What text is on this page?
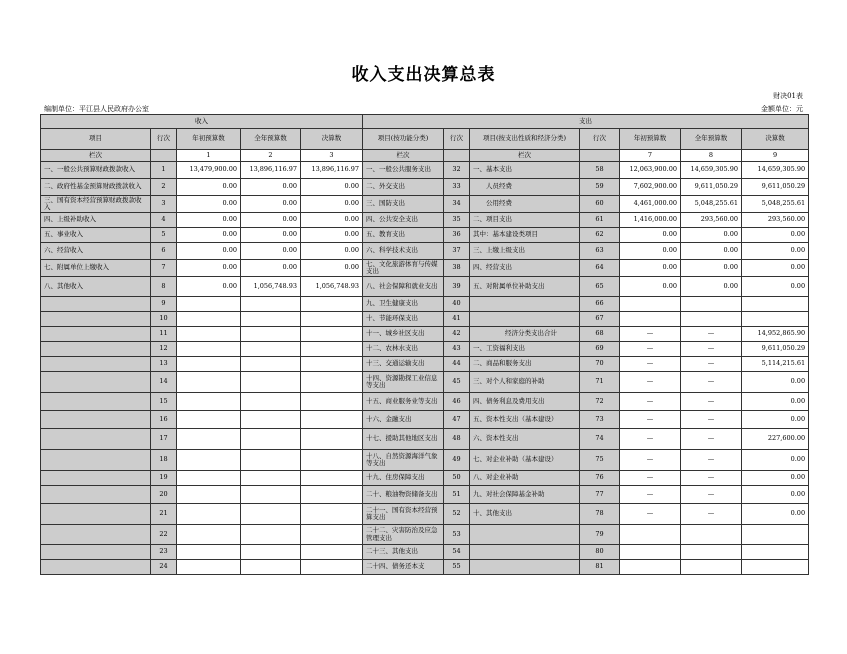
收入支出决算总表
财决01表
编制单位：平江县人民政府办公室	金额单位：元
收入					支出						
项目	行次	年初预算数	全年预算数	决算数	项目(按功能分类)	行次	项目(按支出性质和经济分类)	行次	年初预算数	全年预算数	决算数
栏次		1	2	3	栏次		栏次		7	8	9
一、一般公共预算财政拨款收入	1	13,479,900.00	13,896,116.97	13,896,116.97	一、一般公共服务支出	32	一、基本支出	58	12,063,900.00	14,659,305.90	14,659,305.90
二、政府性基金预算财政拨款收入	2	0.00	0.00	0.00	二、外交支出	33	人员经费	59	7,602,900.00	9,611,050.29	9,611,050.29
三、国有资本经营预算财政拨款收入	3	0.00	0.00	0.00	三、国防支出	34	公用经费	60	4,461,000.00	5,048,255.61	5,048,255.61
四、上级补助收入	4	0.00	0.00	0.00	四、公共安全支出	35	二、项目支出	61	1,416,000.00	293,560.00	293,560.00
五、事业收入	5	0.00	0.00	0.00	五、教育支出	36	其中：基本建设类项目	62	0.00	0.00	0.00
六、经营收入	6	0.00	0.00	0.00	六、科学技术支出	37	三、上缴上级支出	63	0.00	0.00	0.00
七、附属单位上缴收入	7	0.00	0.00	0.00	七、文化旅游体育与传媒支出	38	四、经营支出	64	0.00	0.00	0.00
八、其他收入	8	0.00	1,056,748.93	1,056,748.93	八、社会保障和就业支出	39	五、对附属单位补助支出	65	0.00	0.00	0.00
	9				九、卫生健康支出	40		66			
	10				十、节能环保支出	41		67			
	11				十一、城乡社区支出	42	经济分类支出合计	68	—	—	14,952,865.90
	12				十二、农林水支出	43	一、工资福利支出	69	—	—	9,611,050.29
	13				十三、交通运输支出	44	二、商品和服务支出	70	—	—	5,114,215.61
	14				十四、资源勘探工业信息等支出	45	三、对个人和家庭的补助	71	—	—	0.00
	15				十五、商业服务业等支出	46	四、债务利息及费用支出	72	—	—	0.00
	16				十六、金融支出	47	五、资本性支出（基本建设）	73	—	—	0.00
	17				十七、援助其他地区支出	48	六、资本性支出	74	—	—	227,600.00
	18				十八、自然资源海洋气象等支出	49	七、对企业补助（基本建设）	75	—	—	0.00
	19				十九、住房保障支出	50	八、对企业补助	76	—	—	0.00
	20				二十、粮油物资储备支出	51	九、对社会保障基金补助	77	—	—	0.00
	21				二十一、国有资本经营预算支出	52	十、其他支出	78	—	—	0.00
	22				二十二、灾害防治及应急管理支出	53		79			
	23				二十三、其他支出	54		80			
	24				二十四、债务还本支	55		81			
